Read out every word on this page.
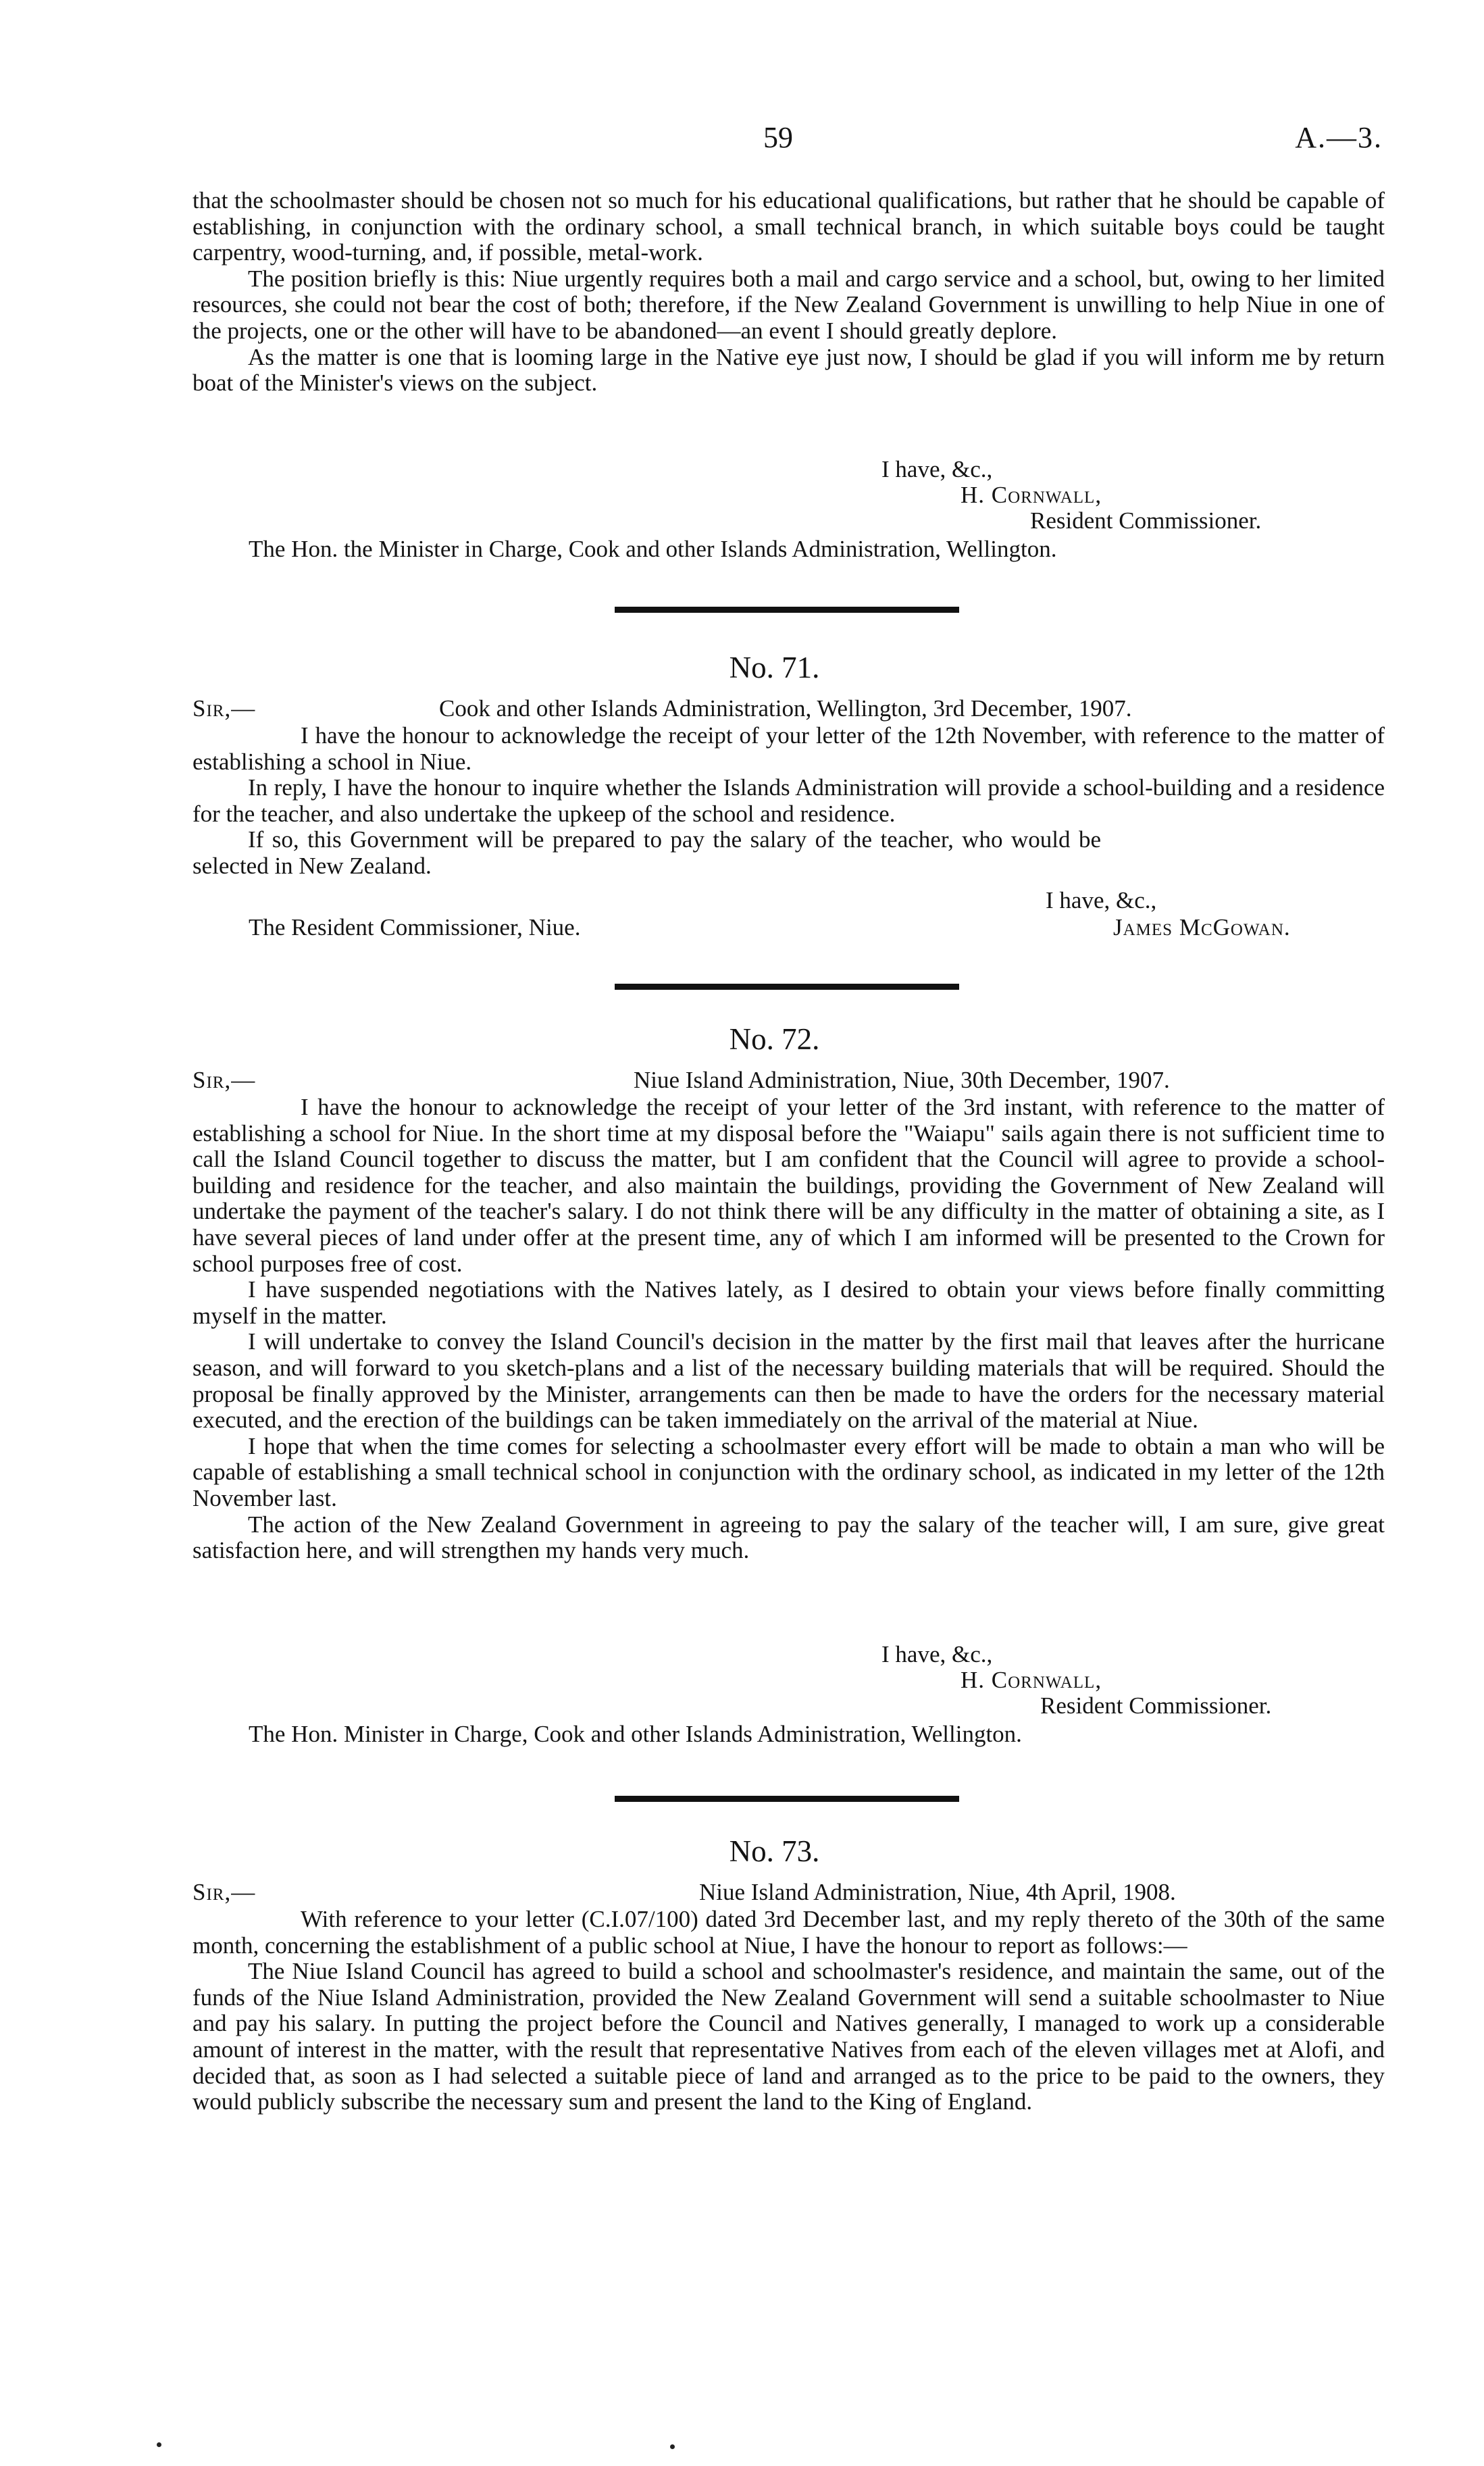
59	A.—3.

that the schoolmaster should be chosen not so much for his educational qualifications, but rather that he should be capable of establishing, in conjunction with the ordinary school, a small technical branch, in which suitable boys could be taught carpentry, wood-turning, and, if possible, metal-work.

The position briefly is this: Niue urgently requires both a mail and cargo service and a school, but, owing to her limited resources, she could not bear the cost of both; therefore, if the New Zealand Government is unwilling to help Niue in one of the projects, one or the other will have to be abandoned—an event I should greatly deplore.

As the matter is one that is looming large in the Native eye just now, I should be glad if you will inform me by return boat of the Minister's views on the subject.

I have, &c.,
H. Cornwall,
Resident Commissioner.
The Hon. the Minister in Charge, Cook and other Islands Administration, Wellington.
No. 71.
Sir,—	Cook and other Islands Administration, Wellington, 3rd December, 1907.

I have the honour to acknowledge the receipt of your letter of the 12th November, with reference to the matter of establishing a school in Niue.

In reply, I have the honour to inquire whether the Islands Administration will provide a school-building and a residence for the teacher, and also undertake the upkeep of the school and residence.

If so, this Government will be prepared to pay the salary of the teacher, who would be selected in New Zealand.

I have, &c.,
The Resident Commissioner, Niue.	James McGowan.
No. 72.
Sir,—	Niue Island Administration, Niue, 30th December, 1907.

I have the honour to acknowledge the receipt of your letter of the 3rd instant, with reference to the matter of establishing a school for Niue. In the short time at my disposal before the "Waiapu" sails again there is not sufficient time to call the Island Council together to discuss the matter, but I am confident that the Council will agree to provide a school-building and residence for the teacher, and also maintain the buildings, providing the Government of New Zealand will undertake the payment of the teacher's salary. I do not think there will be any difficulty in the matter of obtaining a site, as I have several pieces of land under offer at the present time, any of which I am informed will be presented to the Crown for school purposes free of cost.

I have suspended negotiations with the Natives lately, as I desired to obtain your views before finally committing myself in the matter.

I will undertake to convey the Island Council's decision in the matter by the first mail that leaves after the hurricane season, and will forward to you sketch-plans and a list of the necessary building materials that will be required. Should the proposal be finally approved by the Minister, arrangements can then be made to have the orders for the necessary material executed, and the erection of the buildings can be taken immediately on the arrival of the material at Niue.

I hope that when the time comes for selecting a schoolmaster every effort will be made to obtain a man who will be capable of establishing a small technical school in conjunction with the ordinary school, as indicated in my letter of the 12th November last.

The action of the New Zealand Government in agreeing to pay the salary of the teacher will, I am sure, give great satisfaction here, and will strengthen my hands very much.

I have, &c.,
H. Cornwall,
Resident Commissioner.
The Hon. Minister in Charge, Cook and other Islands Administration, Wellington.
No. 73.
Sir,—	Niue Island Administration, Niue, 4th April, 1908.

With reference to your letter (C.I.07/100) dated 3rd December last, and my reply thereto of the 30th of the same month, concerning the establishment of a public school at Niue, I have the honour to report as follows:—

The Niue Island Council has agreed to build a school and schoolmaster's residence, and maintain the same, out of the funds of the Niue Island Administration, provided the New Zealand Government will send a suitable schoolmaster to Niue and pay his salary. In putting the project before the Council and Natives generally, I managed to work up a considerable amount of interest in the matter, with the result that representative Natives from each of the eleven villages met at Alofi, and decided that, as soon as I had selected a suitable piece of land and arranged as to the price to be paid to the owners, they would publicly subscribe the necessary sum and present the land to the King of England.
